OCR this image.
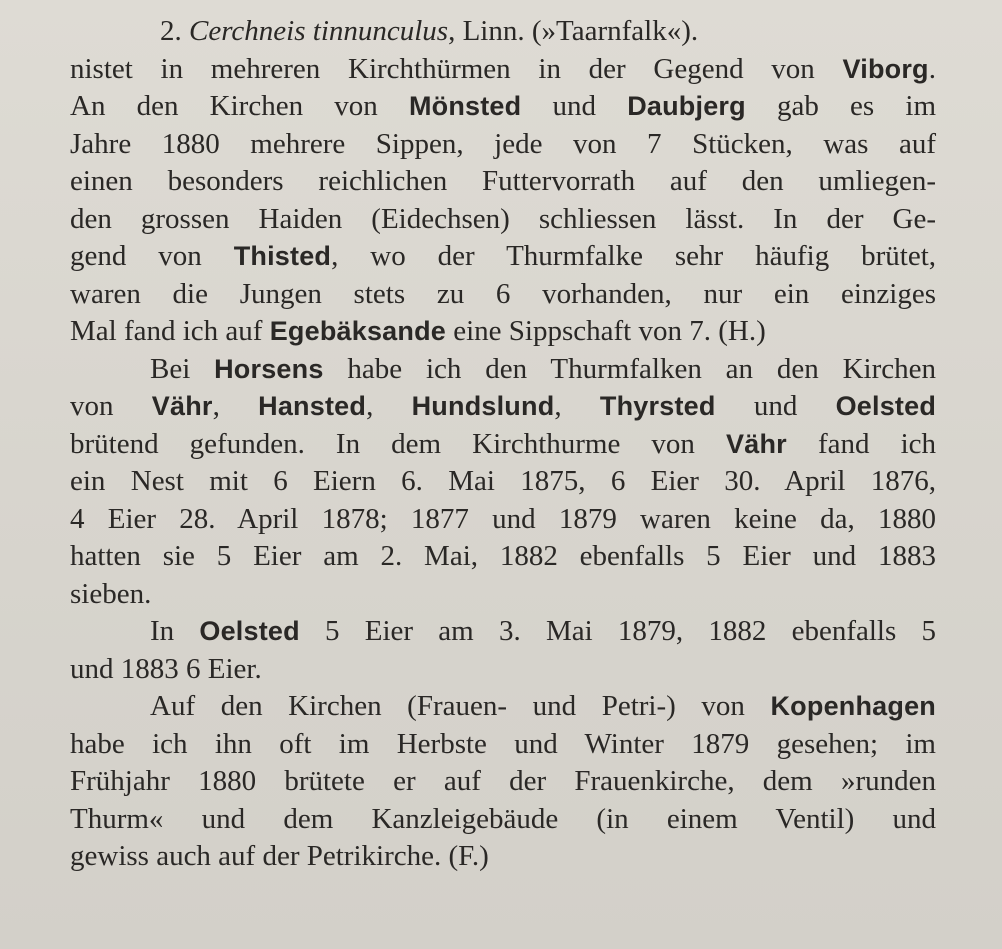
2. Cerchneis tinnunculus, Linn. (»Taarnfalk«).
nistet in mehreren Kirchthürmen in der Gegend von Viborg.
An den Kirchen von Mönsted und Daubjerg gab es im
Jahre 1880 mehrere Sippen, jede von 7 Stücken, was auf
einen besonders reichlichen Futtervorrath auf den umliegen-
den grossen Haiden (Eidechsen) schliessen lässt. In der Ge-
gend von Thisted, wo der Thurmfalke sehr häufig brütet,
waren die Jungen stets zu 6 vorhanden, nur ein einziges
Mal fand ich auf Egebäksande eine Sippschaft von 7. (H.)
Bei Horsens habe ich den Thurmfalken an den Kirchen
von Vähr, Hansted, Hundslund, Thyrsted und Oelsted
brütend gefunden. In dem Kirchthurme von Vähr fand ich
ein Nest mit 6 Eiern 6. Mai 1875, 6 Eier 30. April 1876,
4 Eier 28. April 1878; 1877 und 1879 waren keine da, 1880
hatten sie 5 Eier am 2. Mai, 1882 ebenfalls 5 Eier und 1883
sieben.
In Oelsted 5 Eier am 3. Mai 1879, 1882 ebenfalls 5
und 1883 6 Eier.
Auf den Kirchen (Frauen- und Petri-) von Kopenhagen
habe ich ihn oft im Herbste und Winter 1879 gesehen; im
Frühjahr 1880 brütete er auf der Frauenkirche, dem »runden
Thurm« und dem Kanzleigebäude (in einem Ventil) und
gewiss auch auf der Petrikirche. (F.)
